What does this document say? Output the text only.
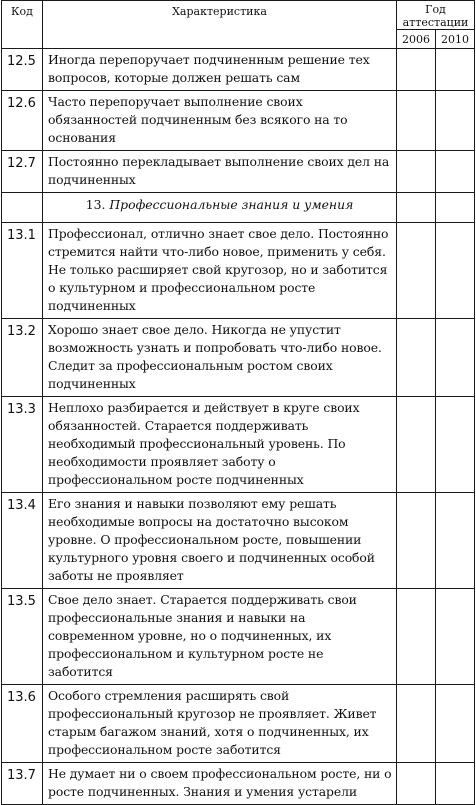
Код	Характеристика	Год
аттестации	
		2006	2010
12.5	Иногда перепоручает подчиненным решение тех вопросов, которые должен решать сам		
12.6	Часто перепоручает выполнение своих обязанностей подчиненным без всякого на то основания		
12.7	Постоянно перекладывает выполнение своих дел на подчиненных		
	13. Профессиональные знания и умения		
13.1	Профессионал, отлично знает свое дело. Постоянно стремится найти что-либо новое, применить у себя. Не только расширяет свой кругозор, но и заботится о культурном и профессиональном росте подчиненных		
13.2	Хорошо знает свое дело. Никогда не упустит возможность узнать и попробовать что-либо новое. Следит за профессиональным ростом своих подчиненных		
13.3	Неплохо разбирается и действует в круге своих обязанностей. Старается поддерживать необходимый профессиональный уровень. По необходимости проявляет заботу о профессиональном росте подчиненных		
13.4	Его знания и навыки позволяют ему решать необходимые вопросы на достаточно высоком уровне. О профессиональном росте, повышении культурного уровня своего и подчиненных особой заботы не проявляет		
13.5	Свое дело знает. Старается поддерживать свои профессиональные знания и навыки на современном уровне, но о подчиненных, их профессиональном и культурном росте не заботится		
13.6	Особого стремления расширять свой профессиональный кругозор не проявляет. Живет старым багажом знаний, хотя о подчиненных, их профессиональном росте заботится		
13.7	Не думает ни о своем профессиональном росте, ни о росте подчиненных. Знания и умения устарели		
